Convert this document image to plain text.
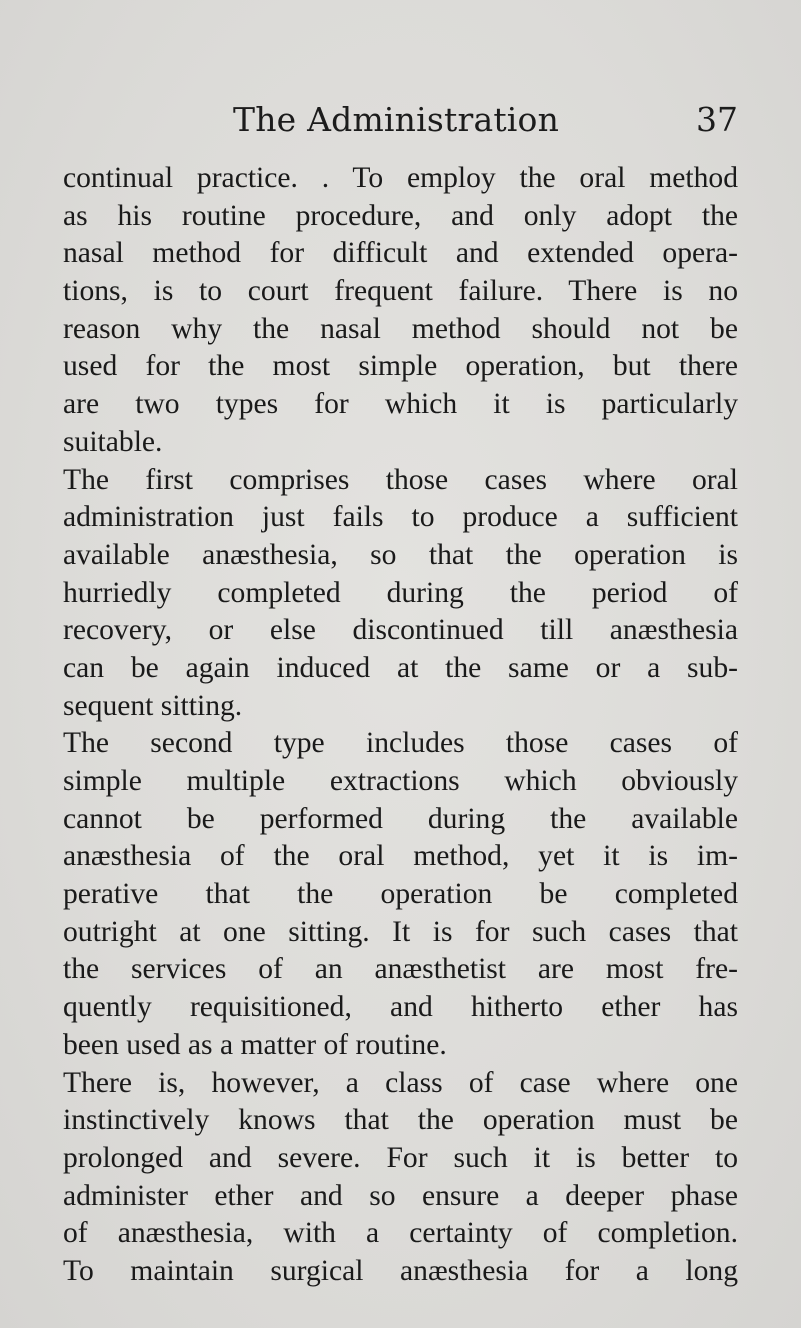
The Administration	37
continual practice. . To employ the oral method
as his routine procedure, and only adopt the
nasal method for difficult and extended opera-
tions, is to court frequent failure. There is no
reason why the nasal method should not be
used for the most simple operation, but there
are two types for which it is particularly
suitable.
The first comprises those cases where oral
administration just fails to produce a sufficient
available anæsthesia, so that the operation is
hurriedly completed during the period of
recovery, or else discontinued till anæsthesia
can be again induced at the same or a sub-
sequent sitting.
The second type includes those cases of
simple multiple extractions which obviously
cannot be performed during the available
anæsthesia of the oral method, yet it is im-
perative that the operation be completed
outright at one sitting. It is for such cases that
the services of an anæsthetist are most fre-
quently requisitioned, and hitherto ether has
been used as a matter of routine.
There is, however, a class of case where one
instinctively knows that the operation must be
prolonged and severe. For such it is better to
administer ether and so ensure a deeper phase
of anæsthesia, with a certainty of completion.
To maintain surgical anæsthesia for a long
